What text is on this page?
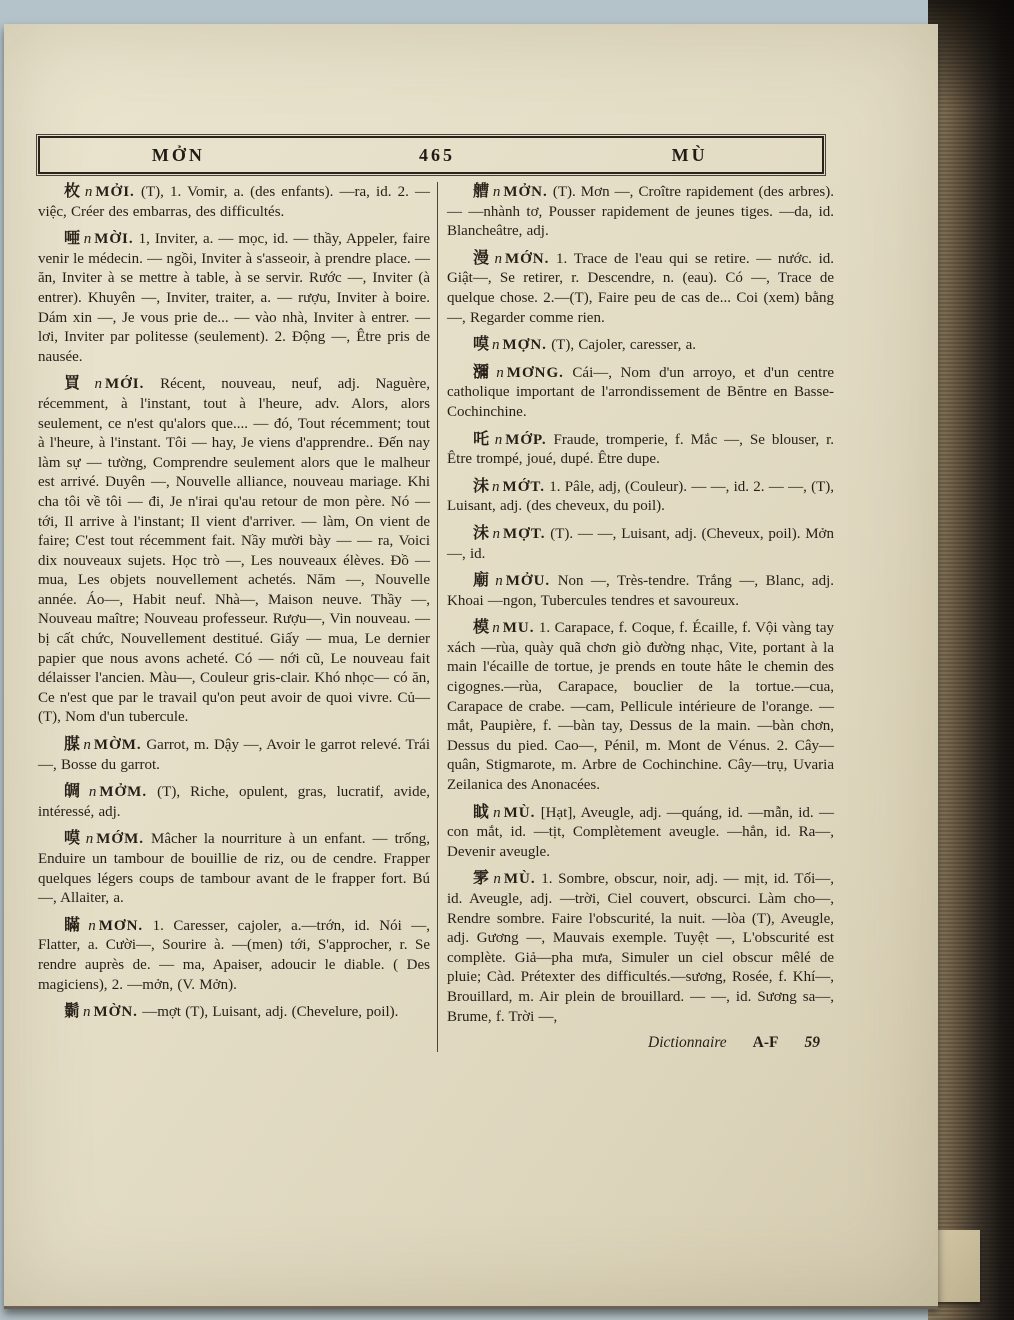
MỞN	465	MÙ

枚 n MỞI. (T), 1. Vomir, a. (des enfants). —ra, id. 2. — việc, Créer des embarras, des difficultés.

唖 n MỜI. 1, Inviter, a. — mọc, id. — thầy, Appeler, faire venir le médecin. — ngồi, Inviter à s'asseoir, à prendre place. — ăn, Inviter à se mettre à table, à se servir. Rước —, Inviter (à entrer). Khuyên —, Inviter, traiter, a. — rượu, Inviter à boire. Dám xin —, Je vous prie de... — vào nhà, Inviter à entrer. — lơi, Inviter par politesse (seulement). 2. Động —, Être pris de nausée.

買 n MỚI. Récent, nouveau, neuf, adj. Naguère, récemment, à l'instant, tout à l'heure, adv. Alors, alors seulement, ce n'est qu'alors que.... — đó, Tout récemment; tout à l'heure, à l'instant. Tôi — hay, Je viens d'apprendre.. Đến nay làm sự — tường, Comprendre seulement alors que le malheur est arrivé. Duyên —, Nouvelle alliance, nouveau mariage. Khi cha tôi về tôi — đi, Je n'irai qu'au retour de mon père. Nó — tới, Il arrive à l'instant; Il vient d'arriver. — làm, On vient de faire; C'est tout récemment fait. Nầy mười bày — — ra, Voici dix nouveaux sujets. Học trò —, Les nouveaux élèves. Đồ — mua, Les objets nouvellement achetés. Năm —, Nouvelle année. Áo—, Habit neuf. Nhà—, Maison neuve. Thầy —, Nouveau maître; Nouveau professeur. Rượu—, Vin nouveau. — bị cất chức, Nouvellement destitué. Giấy — mua, Le dernier papier que nous avons acheté. Có — nới cũ, Le nouveau fait délaisser l'ancien. Màu—, Couleur gris-clair. Khó nhọc— có ăn, Ce n'est que par le travail qu'on peut avoir de quoi vivre. Củ— (T), Nom d'un tubercule.

腜 n MỜM. Garrot, m. Dậy —, Avoir le garrot relevé. Trái —, Bosse du garrot.

皗 n MỞM. (T), Riche, opulent, gras, lucratif, avide, intéressé, adj.

嗼 n MỚM. Mâcher la nourriture à un enfant. — trống, Enduire un tambour de bouillie de riz, ou de cendre. Frapper quelques légers coups de tambour avant de le frapper fort. Bú—, Allaiter, a.

瞞 n MƠN. 1. Caresser, cajoler, a.—trớn, id. Nói —, Flatter, a. Cười—, Sourire à. —(men) tới, S'approcher, r. Se rendre auprès de. — ma, Apaiser, adoucir le diable. ( Des magiciens), 2. —mởn, (V. Mởn).

鬎 n MỜN. —mợt (T), Luisant, adj. (Chevelure, poil).

艚 n MỞN. (T). Mơn —, Croître rapidement (des arbres). — —nhành tơ, Pousser rapidement de jeunes tiges. —da, id. Blancheâtre, adj.

漫 n MỚN. 1. Trace de l'eau qui se retire. — nước. id. Giật—, Se retirer, r. Descendre, n. (eau). Có —, Trace de quelque chose. 2.—(T), Faire peu de cas de... Coi (xem) bằng —, Regarder comme rien.

嗼 n MỢN. (T), Cajoler, caresser, a.

瀰 n MƠNG. Cái—, Nom d'un arroyo, et d'un centre catholique important de l'arrondissement de Bĕntre en Basse-Cochinchine.

吒 n MỚP. Fraude, tromperie, f. Mắc —, Se blouser, r. Être trompé, joué, dupé. Être dupe.

沬 n MỚT. 1. Pâle, adj, (Couleur). — —, id. 2. — —, (T), Luisant, adj. (des cheveux, du poil).

沬 n MỢT. (T). — —, Luisant, adj. (Cheveux, poil). Mởn—, id.

廟 n MỞU. Non —, Très-tendre. Trắng —, Blanc, adj. Khoai —ngon, Tubercules tendres et savoureux.

模 n MU. 1. Carapace, f. Coque, f. Écaille, f. Vội vàng tay xách —rùa, quày quã chơn giò đường nhạc, Vite, portant à la main l'écaille de tortue, je prends en toute hâte le chemin des cigognes.—rùa, Carapace, bouclier de la tortue.—cua, Carapace de crabe. —cam, Pellicule intérieure de l'orange. —mắt, Paupière, f. —bàn tay, Dessus de la main. —bàn chơn, Dessus du pied. Cao—, Pénil, m. Mont de Vénus. 2. Cây— quân, Stigmarote, m. Arbre de Cochinchine. Cây—trụ, Uvaria Zeilanica des Anonacées.

眓 n MÙ. [Hạt], Aveugle, adj. —quáng, id. —mẫn, id. —con mắt, id. —tịt, Complètement aveugle. —hẳn, id. Ra—, Devenir aveugle.

雺 n MÙ. 1. Sombre, obscur, noir, adj. — mịt, id. Tối—, id. Aveugle, adj. —trời, Ciel couvert, obscurci. Làm cho—, Rendre sombre. Faire l'obscurité, la nuit. —lòa (T), Aveugle, adj. Gương —, Mauvais exemple. Tuyệt —, L'obscurité est complète. Giả—pha mưa, Simuler un ciel obscur mêlé de pluie; Càd. Prétexter des difficultés.—sương, Rosée, f. Khí—, Brouillard, m. Air plein de brouillard. — —, id. Sương sa—, Brume, f. Trời —,

Dictionnaire A-F 59
